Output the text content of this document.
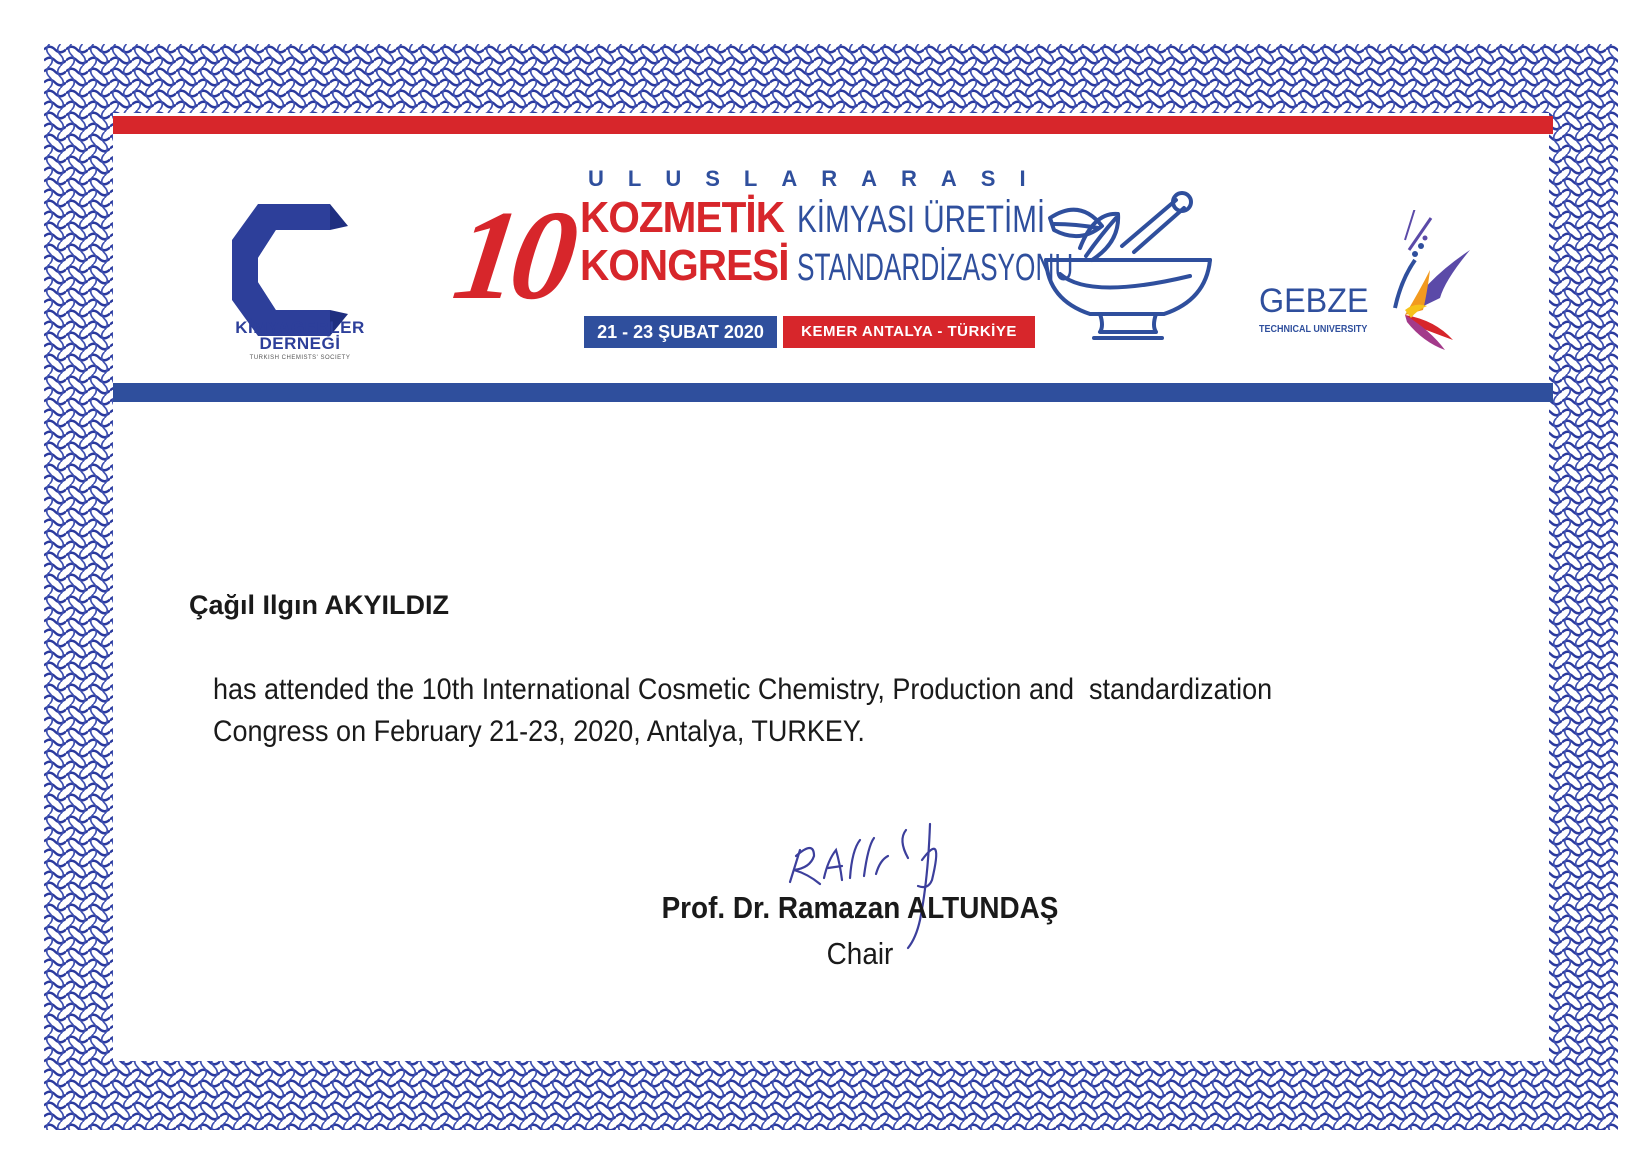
KİMYAGERLER
DERNEĞİ
TURKISH CHEMISTS' SOCIETY
ULUSLARARASI
10 KOZMETİK
KONGRESİ
KİMYASI ÜRETİMİ
STANDARDİZASYONU
21 - 23 ŞUBAT 2020	KEMER ANTALYA - TÜRKİYE
GEBZE
TECHNICAL UNIVERSITY
Çağıl Ilgın AKYILDIZ
has attended the 10th International Cosmetic Chemistry, Production and  standardization
Congress on February 21-23, 2020, Antalya, TURKEY.
Prof. Dr. Ramazan ALTUNDAŞ
Chair
